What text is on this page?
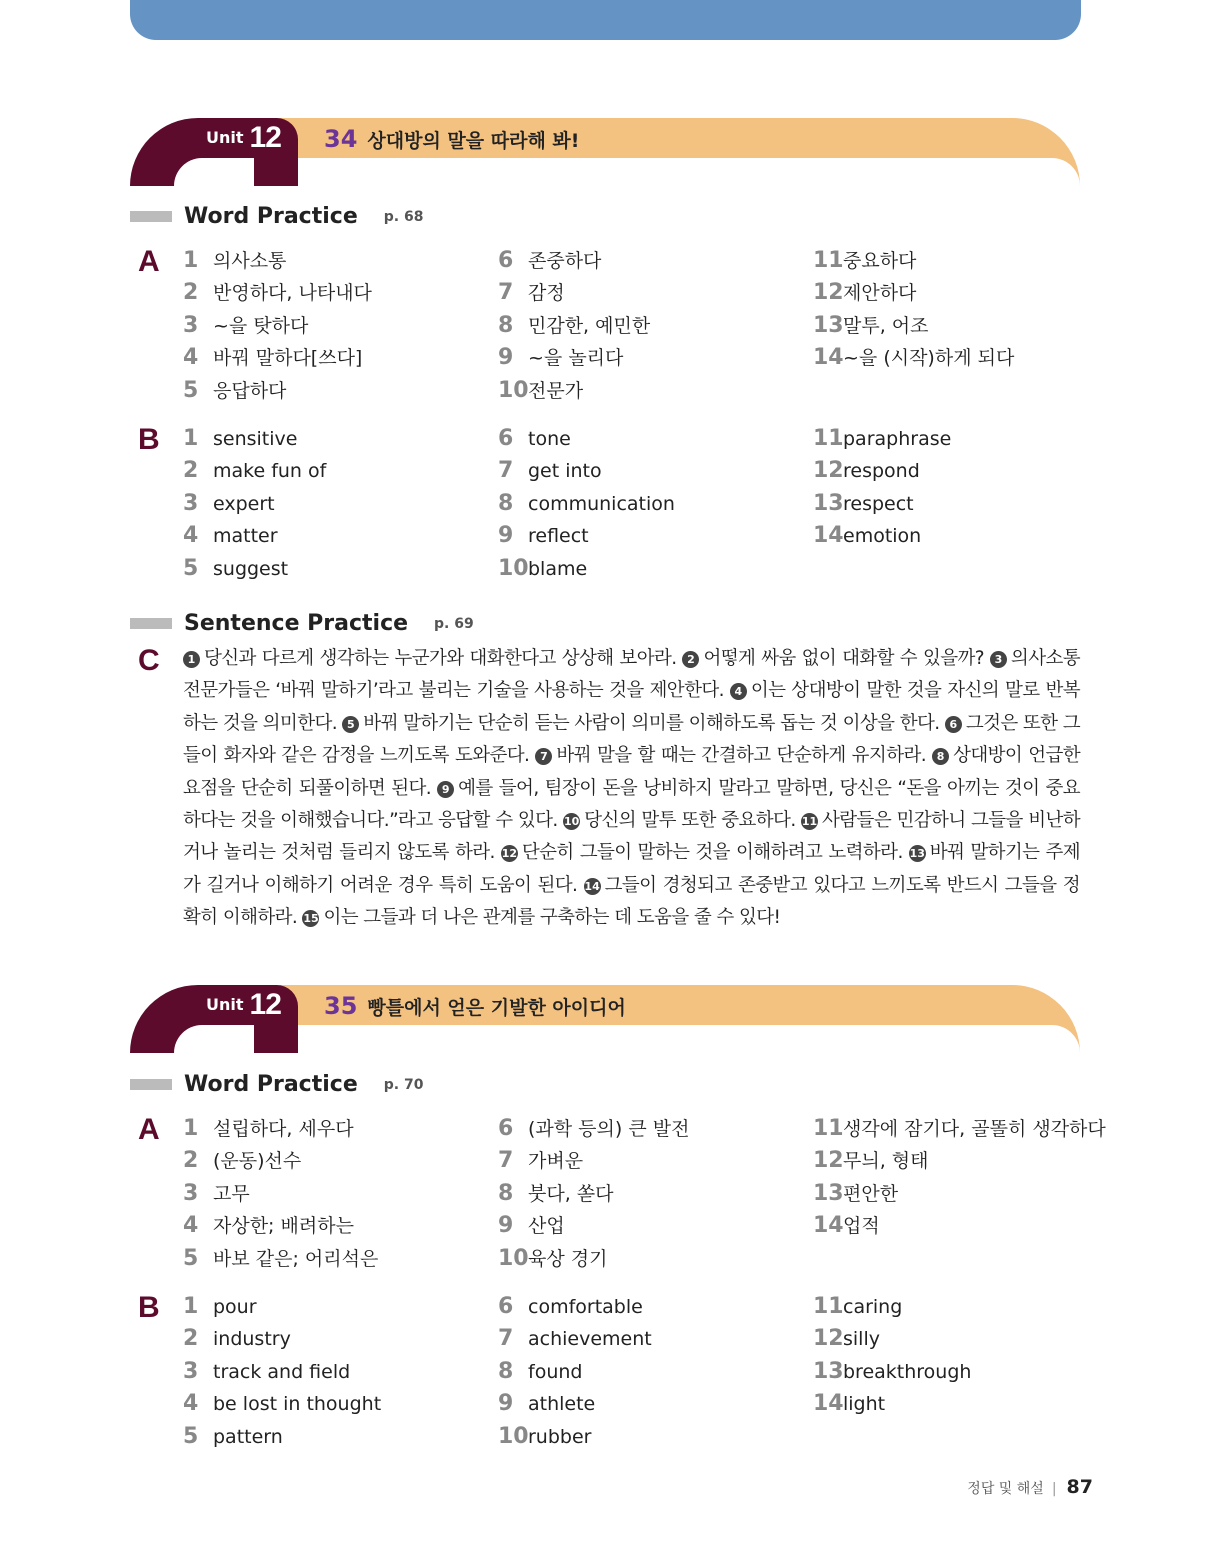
Unit 12 34 상대방의 말을 따라해 봐!
Word Practice p. 68
A 1 의사소통
2 반영하다, 나타내다
3 ~을 탓하다
4 바꿔 말하다[쓰다]
5 응답하다
6 존중하다
7 감정
8 민감한, 예민한
9 ~을 놀리다
10전문가
11중요하다
12제안하다
13말투, 어조
14~을 (시작)하게 되다
B 1 sensitive
2 make fun of
3 expert
4 matter
5 suggest
6 tone
7 get into
8 communication
9 reflect
10blame
11paraphrase
12respond
13respect
14emotion
Sentence Practice p. 69
C	1 당신과 다르게 생각하는 누군가와 대화한다고 상상해 보아라. 2 어떻게 싸움 없이 대화할 수 있을까? 3 의사소통 전문가들은 ‘바꿔 말하기’라고 불리는 기술을 사용하는 것을 제안한다. 4 이는 상대방이 말한 것을 자신의 말로 반복하는 것을 의미한다. 5 바꿔 말하기는 단순히 듣는 사람이 의미를 이해하도록 돕는 것 이상을 한다. 6 그것은 또한 그들이 화자와 같은 감정을 느끼도록 도와준다. 7 바꿔 말을 할 때는 간결하고 단순하게 유지하라. 8 상대방이 언급한 요점을 단순히 되풀이하면 된다. 9 예를 들어, 팀장이 돈을 낭비하지 말라고 말하면, 당신은 “돈을 아끼는 것이 중요하다는 것을 이해했습니다.”라고 응답할 수 있다. 10 당신의 말투 또한 중요하다. 11 사람들은 민감하니 그들을 비난하거나 놀리는 것처럼 들리지 않도록 하라. 12 단순히 그들이 말하는 것을 이해하려고 노력하라. 13 바꿔 말하기는 주제가 길거나 이해하기 어려운 경우 특히 도움이 된다. 14 그들이 경청되고 존중받고 있다고 느끼도록 반드시 그들을 정확히 이해하라. 15 이는 그들과 더 나은 관계를 구축하는 데 도움을 줄 수 있다!
Unit 12 35 빵틀에서 얻은 기발한 아이디어
Word Practice p. 70
A 1 설립하다, 세우다
2 (운동)선수
3 고무
4 자상한; 배려하는
5 바보 같은; 어리석은
6 (과학 등의) 큰 발전
7 가벼운
8 붓다, 쏟다
9 산업
10육상 경기
11생각에 잠기다, 골똘히 생각하다
12무늬, 형태
13편안한
14업적
B 1 pour
2 industry
3 track and field
4 be lost in thought
5 pattern
6 comfortable
7 achievement
8 found
9 athlete
10rubber
11caring
12silly
13breakthrough
14light
정답 및 해설 | 87
